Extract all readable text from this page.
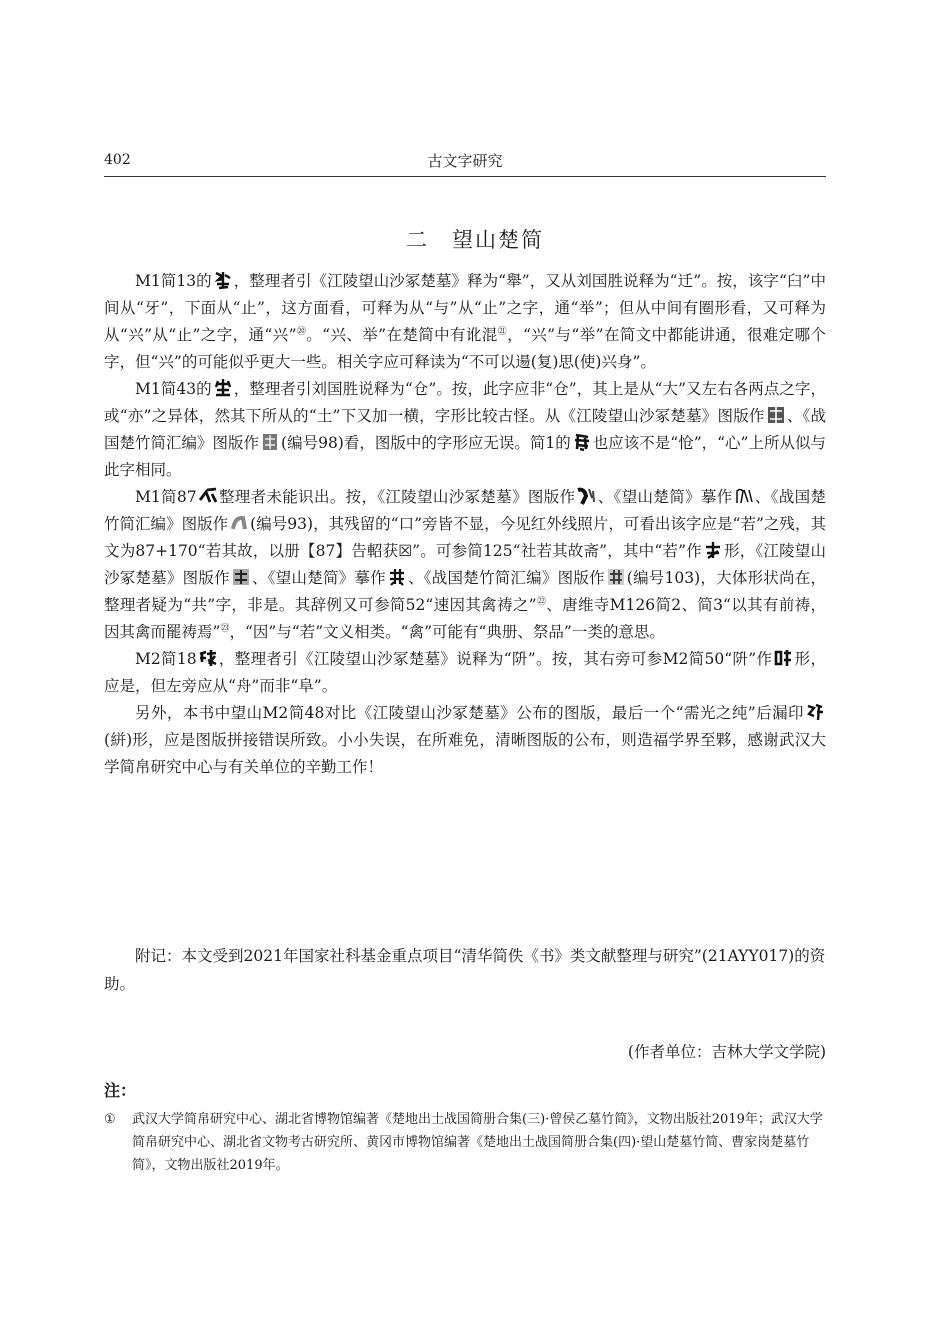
402	古文字研究
二　望山楚简

M1简13的 ，整理者引《江陵望山沙冢楚墓》释为“舉”，又从刘国胜说释为“迁”。按，该字“臼”中间从“牙”，下面从“止”，这方面看，可释为从“与”从“止”之字，通“举”；但从中间有圈形看，又可释为从“兴”从“止”之字，通“兴”⑳。“兴、举”在楚简中有讹混$^㉑$，“兴”与“举”在简文中都能讲通，很难定哪个字，但“兴”的可能似乎更大一些。相关字应可释读为“不可以逿(复)思(使)兴身”。

M1简43的 ，整理者引刘国胜说释为“仓”。按，此字应非“仓”，其上是从“大”又左右各两点之字，或“亦”之异体，然其下所从的“土”下又加一横，字形比较古怪。从《江陵望山沙冢楚墓》图版作 、《战国楚竹简汇编》图版作 (编号98)看，图版中的字形应无误。简1的 也应该不是“怆”，“心”上所从似与此字相同。

M1简87 整理者未能识出。按，《江陵望山沙冢楚墓》图版作 、《望山楚简》摹作 、《战国楚竹简汇编》图版作 (编号93)，其残留的“口”旁皆不显，今见红外线照片，可看出该字应是“若”之残，其文为87+170“若其故，以册【87】告軺获☒”。可参简125“社若其故斋”，其中“若”作 形，《江陵望山沙冢楚墓》图版作 、《望山楚简》摹作 、《战国楚竹简汇编》图版作 (编号103)，大体形状尚在，整理者疑为“共”字，非是。其辞例又可参简52“速因其禽祷之”$^㉒$、唐维寺M126简2、简3“以其有前祷，因其禽而罷祷焉”$^㉓$，“因”与“若”文义相类。“禽”可能有“典册、祭品”一类的意思。

M2简18 ，整理者引《江陵望山沙冢楚墓》说释为“阩”。按，其右旁可参M2简50“阩”作 形，应是，但左旁应从“舟”而非“阜”。

另外，本书中望山M2简48对比《江陵望山沙冢楚墓》公布的图版，最后一个“需光之纯”后漏印
(絣)形，应是图版拼接错误所致。小小失误，在所难免，清晰图版的公布，则造福学界至夥，感谢武汉大学简帛研究中心与有关单位的辛勤工作！

附记：本文受到2021年国家社科基金重点项目“清华简佚《书》类文献整理与研究”(21AYY017)的资助。

(作者单位：吉林大学文学院)
注：
① 武汉大学简帛研究中心、湖北省博物馆编著《楚地出土战国简册合集(三)·曾侯乙墓竹简》，文物出版社2019年；武汉大学简帛研究中心、湖北省文物考古研究所、黄冈市博物馆编著《楚地出土战国简册合集(四)·望山楚墓竹简、曹家岗楚墓竹简》，文物出版社2019年。
